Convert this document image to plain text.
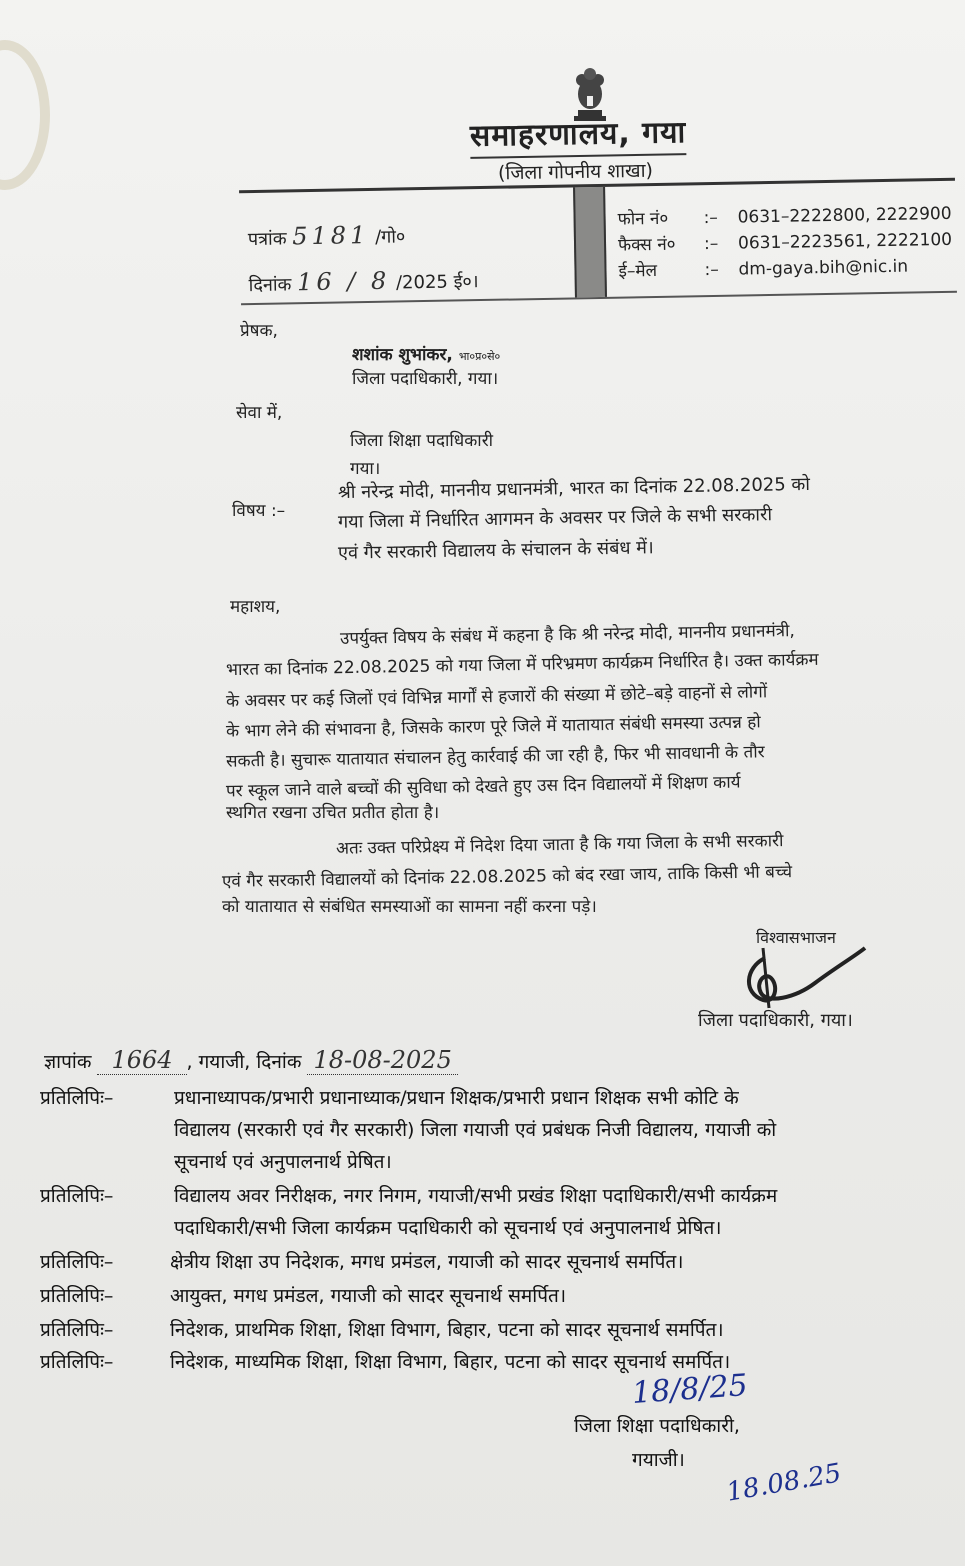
समाहरणालय, गया
(जिला गोपनीय शाखा)
पत्रांक 5181 /गो०
दिनांक 16 / 8 /2025 ई०।
फोन नं० :– 0631–2222800, 2222900
फैक्स नं० :– 0631–2223561, 2222100
ई–मेल	:– dm-gaya.bih@nic.in
प्रेषक,
शशांक शुभांकर, भा०प्र०से०
जिला पदाधिकारी, गया।
सेवा में,
जिला शिक्षा पदाधिकारी
गया।
विषय :–
श्री नरेन्द्र मोदी, माननीय प्रधानमंत्री, भारत का दिनांक 22.08.2025 को
गया जिला में निर्धारित आगमन के अवसर पर जिले के सभी सरकारी
एवं गैर सरकारी विद्यालय के संचालन के संबंध में।
महाशय,
उपर्युक्त विषय के संबंध में कहना है कि श्री नरेन्द्र मोदी, माननीय प्रधानमंत्री,
भारत का दिनांक 22.08.2025 को गया जिला में परिभ्रमण कार्यक्रम निर्धारित है। उक्त कार्यक्रम
के अवसर पर कई जिलों एवं विभिन्न मार्गों से हजारों की संख्या में छोटे–बड़े वाहनों से लोगों
के भाग लेने की संभावना है, जिसके कारण पूरे जिले में यातायात संबंधी समस्या उत्पन्न हो
सकती है। सुचारू यातायात संचालन हेतु कार्रवाई की जा रही है, फिर भी सावधानी के तौर
पर स्कूल जाने वाले बच्चों की सुविधा को देखते हुए उस दिन विद्यालयों में शिक्षण कार्य
स्थगित रखना उचित प्रतीत होता है।
अतः उक्त परिप्रेक्ष्य में निदेश दिया जाता है कि गया जिला के सभी सरकारी
एवं गैर सरकारी विद्यालयों को दिनांक 22.08.2025 को बंद रखा जाय, ताकि किसी भी बच्चे
को यातायात से संबंधित समस्याओं का सामना नहीं करना पड़े।
विश्वासभाजन
जिला पदाधिकारी, गया।
ज्ञापांक 1664 , गयाजी, दिनांक 18-08-2025
प्रतिलिपिः–	प्रधानाध्यापक/प्रभारी प्रधानाध्याक/प्रधान शिक्षक/प्रभारी प्रधान शिक्षक सभी कोटि के
विद्यालय (सरकारी एवं गैर सरकारी) जिला गयाजी एवं प्रबंधक निजी विद्यालय, गयाजी को
सूचनार्थ एवं अनुपालनार्थ प्रेषित।
प्रतिलिपिः–	विद्यालय अवर निरीक्षक, नगर निगम, गयाजी/सभी प्रखंड शिक्षा पदाधिकारी/सभी कार्यक्रम
पदाधिकारी/सभी जिला कार्यक्रम पदाधिकारी को सूचनार्थ एवं अनुपालनार्थ प्रेषित।
प्रतिलिपिः–	क्षेत्रीय शिक्षा उप निदेशक, मगध प्रमंडल, गयाजी को सादर सूचनार्थ समर्पित।
प्रतिलिपिः–	आयुक्त, मगध प्रमंडल, गयाजी को सादर सूचनार्थ समर्पित।
प्रतिलिपिः–	निदेशक, प्राथमिक शिक्षा, शिक्षा विभाग, बिहार, पटना को सादर सूचनार्थ समर्पित।
प्रतिलिपिः–	निदेशक, माध्यमिक शिक्षा, शिक्षा विभाग, बिहार, पटना को सादर सूचनार्थ समर्पित।
18/8/25
जिला शिक्षा पदाधिकारी,
गयाजी। 18.08.25
